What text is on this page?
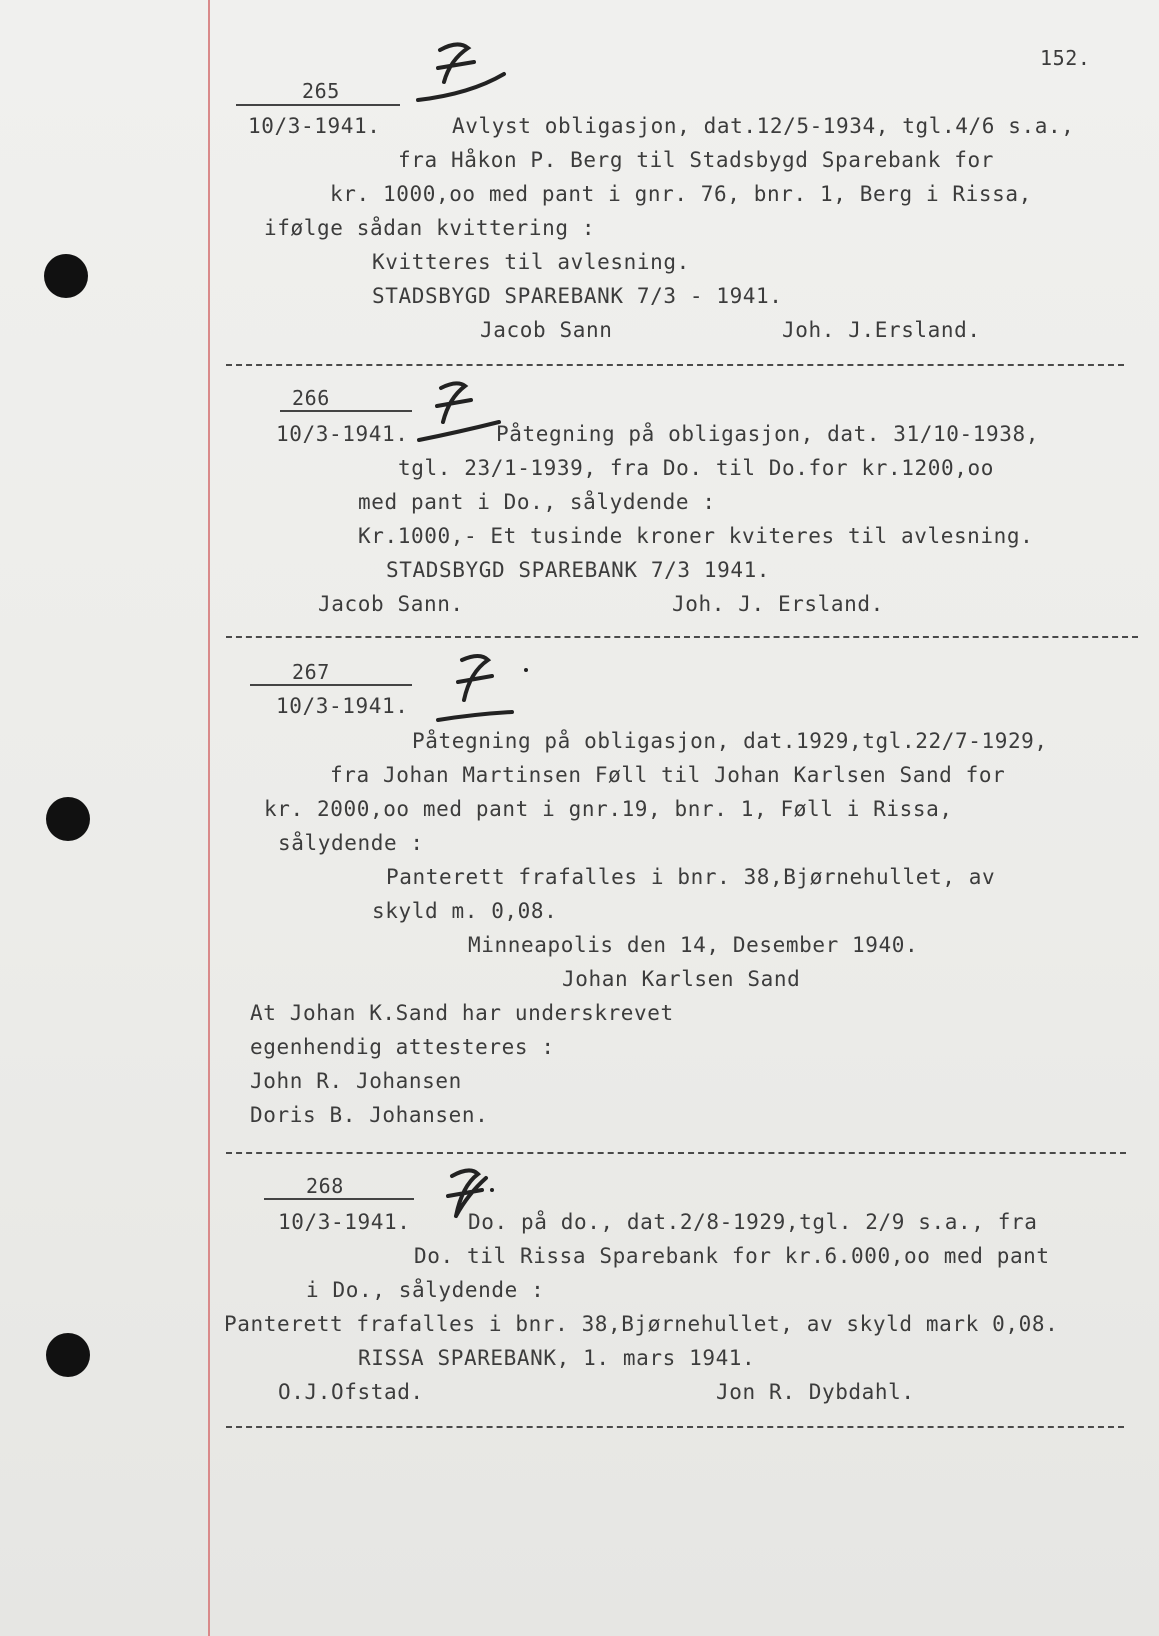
152.
265
10/3-1941.	Avlyst obligasjon, dat.12/5-1934, tgl.4/6 s.a.,
fra Håkon P. Berg til Stadsbygd Sparebank for
kr. 1000,oo med pant i gnr. 76, bnr. 1, Berg i Rissa,
ifølge sådan kvittering :
Kvitteres til avlesning.
STADSBYGD SPAREBANK 7/3 - 1941.
Jacob Sann	Joh. J.Ersland.
266
10/3-1941.	Påtegning på obligasjon, dat. 31/10-1938,
tgl. 23/1-1939, fra Do. til Do.for kr.1200,oo
med pant i Do., sålydende :
Kr.1000,- Et tusinde kroner kviteres til avlesning.
STADSBYGD SPAREBANK 7/3 1941.
Jacob Sann.	Joh. J. Ersland.
267
10/3-1941.
Påtegning på obligasjon, dat.1929,tgl.22/7-1929,
fra Johan Martinsen Føll til Johan Karlsen Sand for
kr. 2000,oo med pant i gnr.19, bnr. 1, Føll i Rissa,
sålydende :
Panterett frafalles i bnr. 38,Bjørnehullet, av
skyld m. 0,08.
Minneapolis den 14, Desember 1940.
Johan Karlsen Sand
At Johan K.Sand har underskrevet
egenhendig attesteres :
John R. Johansen
Doris B. Johansen.
268
10/3-1941.	Do. på do., dat.2/8-1929,tgl. 2/9 s.a., fra
Do. til Rissa Sparebank for kr.6.000,oo med pant
i Do., sålydende :
Panterett frafalles i bnr. 38,Bjørnehullet, av skyld mark 0,08.
RISSA SPAREBANK, 1. mars 1941.
O.J.Ofstad.	Jon R. Dybdahl.
